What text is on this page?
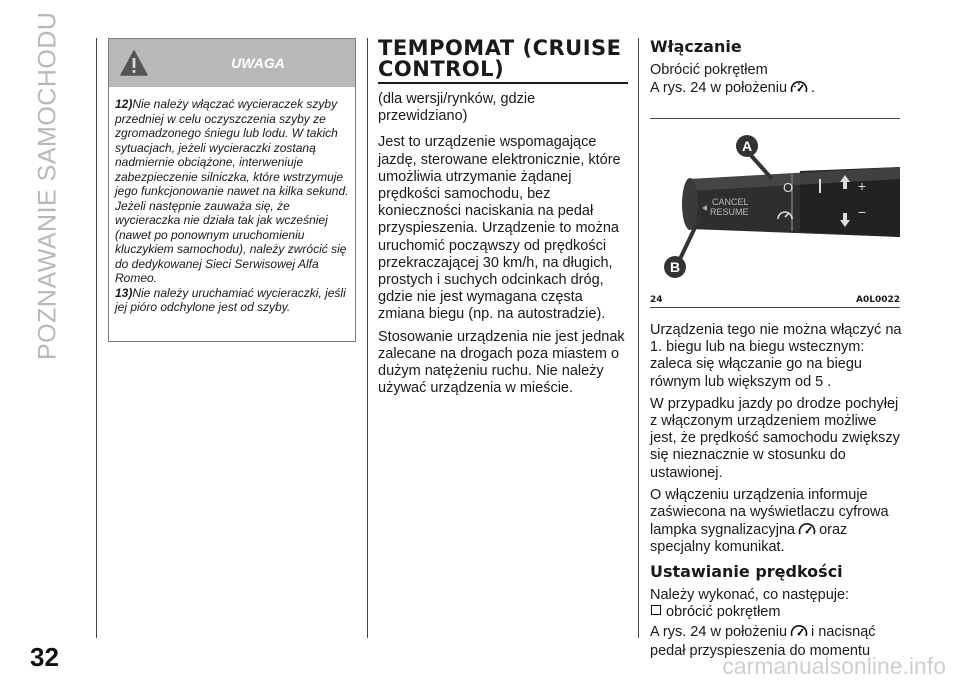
POZNAWANIE SAMOCHODU
32
UWAGA

12)Nie należy włączać wycieraczek szyby przedniej w celu oczyszczenia szyby ze zgromadzonego śniegu lub lodu. W takich sytuacjach, jeżeli wycieraczki zostaną nadmiernie obciążone, interweniuje zabezpieczenie silniczka, które wstrzymuje jego funkcjonowanie nawet na kilka sekund. Jeżeli następnie zauważa się, że wycieraczka nie działa tak jak wcześniej (nawet po ponownym uruchomieniu kluczykiem samochodu), należy zwrócić się do dedykowanej Sieci Serwisowej Alfa Romeo.

13)Nie należy uruchamiać wycieraczki, jeśli jej pióro odchylone jest od szyby.

TEMPOMAT (CRUISE CONTROL)

(dla wersji/rynków, gdzie przewidziano)

Jest to urządzenie wspomagające jazdę, sterowane elektronicznie, które umożliwia utrzymanie żądanej prędkości samochodu, bez konieczności naciskania na pedał przyspieszenia. Urządzenie to można uruchomić począwszy od prędkości przekraczającej 30 km/h, na długich, prostych i suchych odcinkach dróg, gdzie nie jest wymagana częsta zmiana biegu (np. na autostradzie).

Stosowanie urządzenia nie jest jednak zalecane na drogach poza miastem o dużym natężeniu ruchu. Nie należy używać urządzenia w mieście.

Włączanie

Obrócić pokrętłem

A rys. 24 w położeniu .

A
B
CANCEL
RESUME
O	+
−
24	A0L0022

Urządzenia tego nie można włączyć na 1. biegu lub na biegu wstecznym: zaleca się włączanie go na biegu równym lub większym od 5 .

W przypadku jazdy po drodze pochyłej z włączonym urządzeniem możliwe jest, że prędkość samochodu zwiększy się nieznacznie w stosunku do ustawionej.

O włączeniu urządzenia informuje zaświecona na wyświetlaczu cyfrowa lampka sygnalizacyjna oraz specjalny komunikat.

Ustawianie prędkości

Należy wykonać, co następuje:

obrócić pokrętłem

A rys. 24 w położeniu i nacisnąć

pedał przyspieszenia do momentu

carmanualsonline.info
